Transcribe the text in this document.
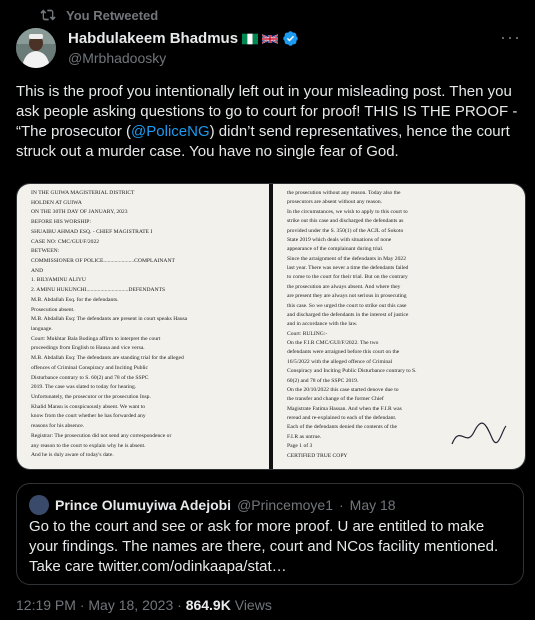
You Retweeted
Habdulakeem Bhadmus
@Mrbhadoosky
···
This is the proof you intentionally left out in your misleading post. Then you ask people asking questions to go to court for proof! THIS IS THE PROOF - “The prosecutor (@PoliceNG) didn’t send representatives, hence the court struck out a murder case. You have no single fear of God.
IN THE GUIWA MAGISTERIAL DISTRICT
HOLDEN AT GUIWA
ON THE 30TH DAY OF JANUARY, 2023
BEFORE HIS WORSHIP:
SHUAIBU AHMAD ESQ. - CHIEF MAGISTRATE I
CASE NO: CMC/GUI/F/2022
BETWEEN:
COMMISSIONER OF POLICE......................COMPLAINANT
AND
1. BILYAMINU ALIYU
2. AMINU HUKUNCHI..............................DEFENDANTS
M.B. Abdallah Esq. for the defendants.
Prosecution absent.
M.B. Abdallah Esq: The defendants are present in court speaks Hausa
language.
Court: Mukhtar Bala Bodinga affirm to interpret the court
proceedings from English to Hausa and vice versa.
M.B. Abdallah Esq: The defendants are standing trial for the alleged
offences of Criminal Conspiracy and Inciting Public
Disturbance contrary to S. 60(2) and 78 of the SSPC
2019. The case was slated to today for hearing.
Unfortunately, the prosecutor or the prosecution Insp.
Khalid Mansu is conspicuously absent. We want to
know from the court whether he has forwarded any
reasons for his absence.
Registrar: The prosecution did not send any correspondence or
any reason to the court to explain why he is absent.
And he is duly aware of today's date.
the prosecution without any reason. Today also the
prosecutors are absent without any reason.
In the circumstances, we wish to apply to this court to
strike out this case and discharged the defendants as
provided under the S. 350(1) of the ACJL of Sokoto
State 2019 which deals with situations of none
appearance of the complainant during trial.
Since the arraignment of the defendants in May 2022
last year. There was never a time the defendants failed
to come to the court for their trial. But on the contrary
the prosecution are always absent. And where they
are present they are always not serious in prosecuting
this case. So we urged the court to strike out this case
and discharged the defendants in the interest of justice
and in accordance with the law.
Court: RULING:-
On the F.I.R CMC/GUI/F/2022. The two
defendants were arraigned before this court on the
16/5/2022 with the alleged offence of Criminal
Conspiracy and Inciting Public Disturbance contrary to S.
60(2) and 78 of the SSPC 2019.
On the 20/10/2022 this case started denove due to
the transfer and change of the former Chief
Magistrate Fatima Hassan. And when the F.I.R was
reread and re-explained to each of the defendant.
Each of the defendants denied the contents of the
F.I.R as untrue.
Page 1 of 3
CERTIFIED TRUE COPY
Prince Olumuyiwa Adejobi @Princemoye1 · May 18
Go to the court and see or ask for more proof. U are entitled to make your findings. The names are there, court and NCos facility mentioned. Take care twitter.com/odinkaapa/stat…
12:19 PM · May 18, 2023 · 864.9K Views
